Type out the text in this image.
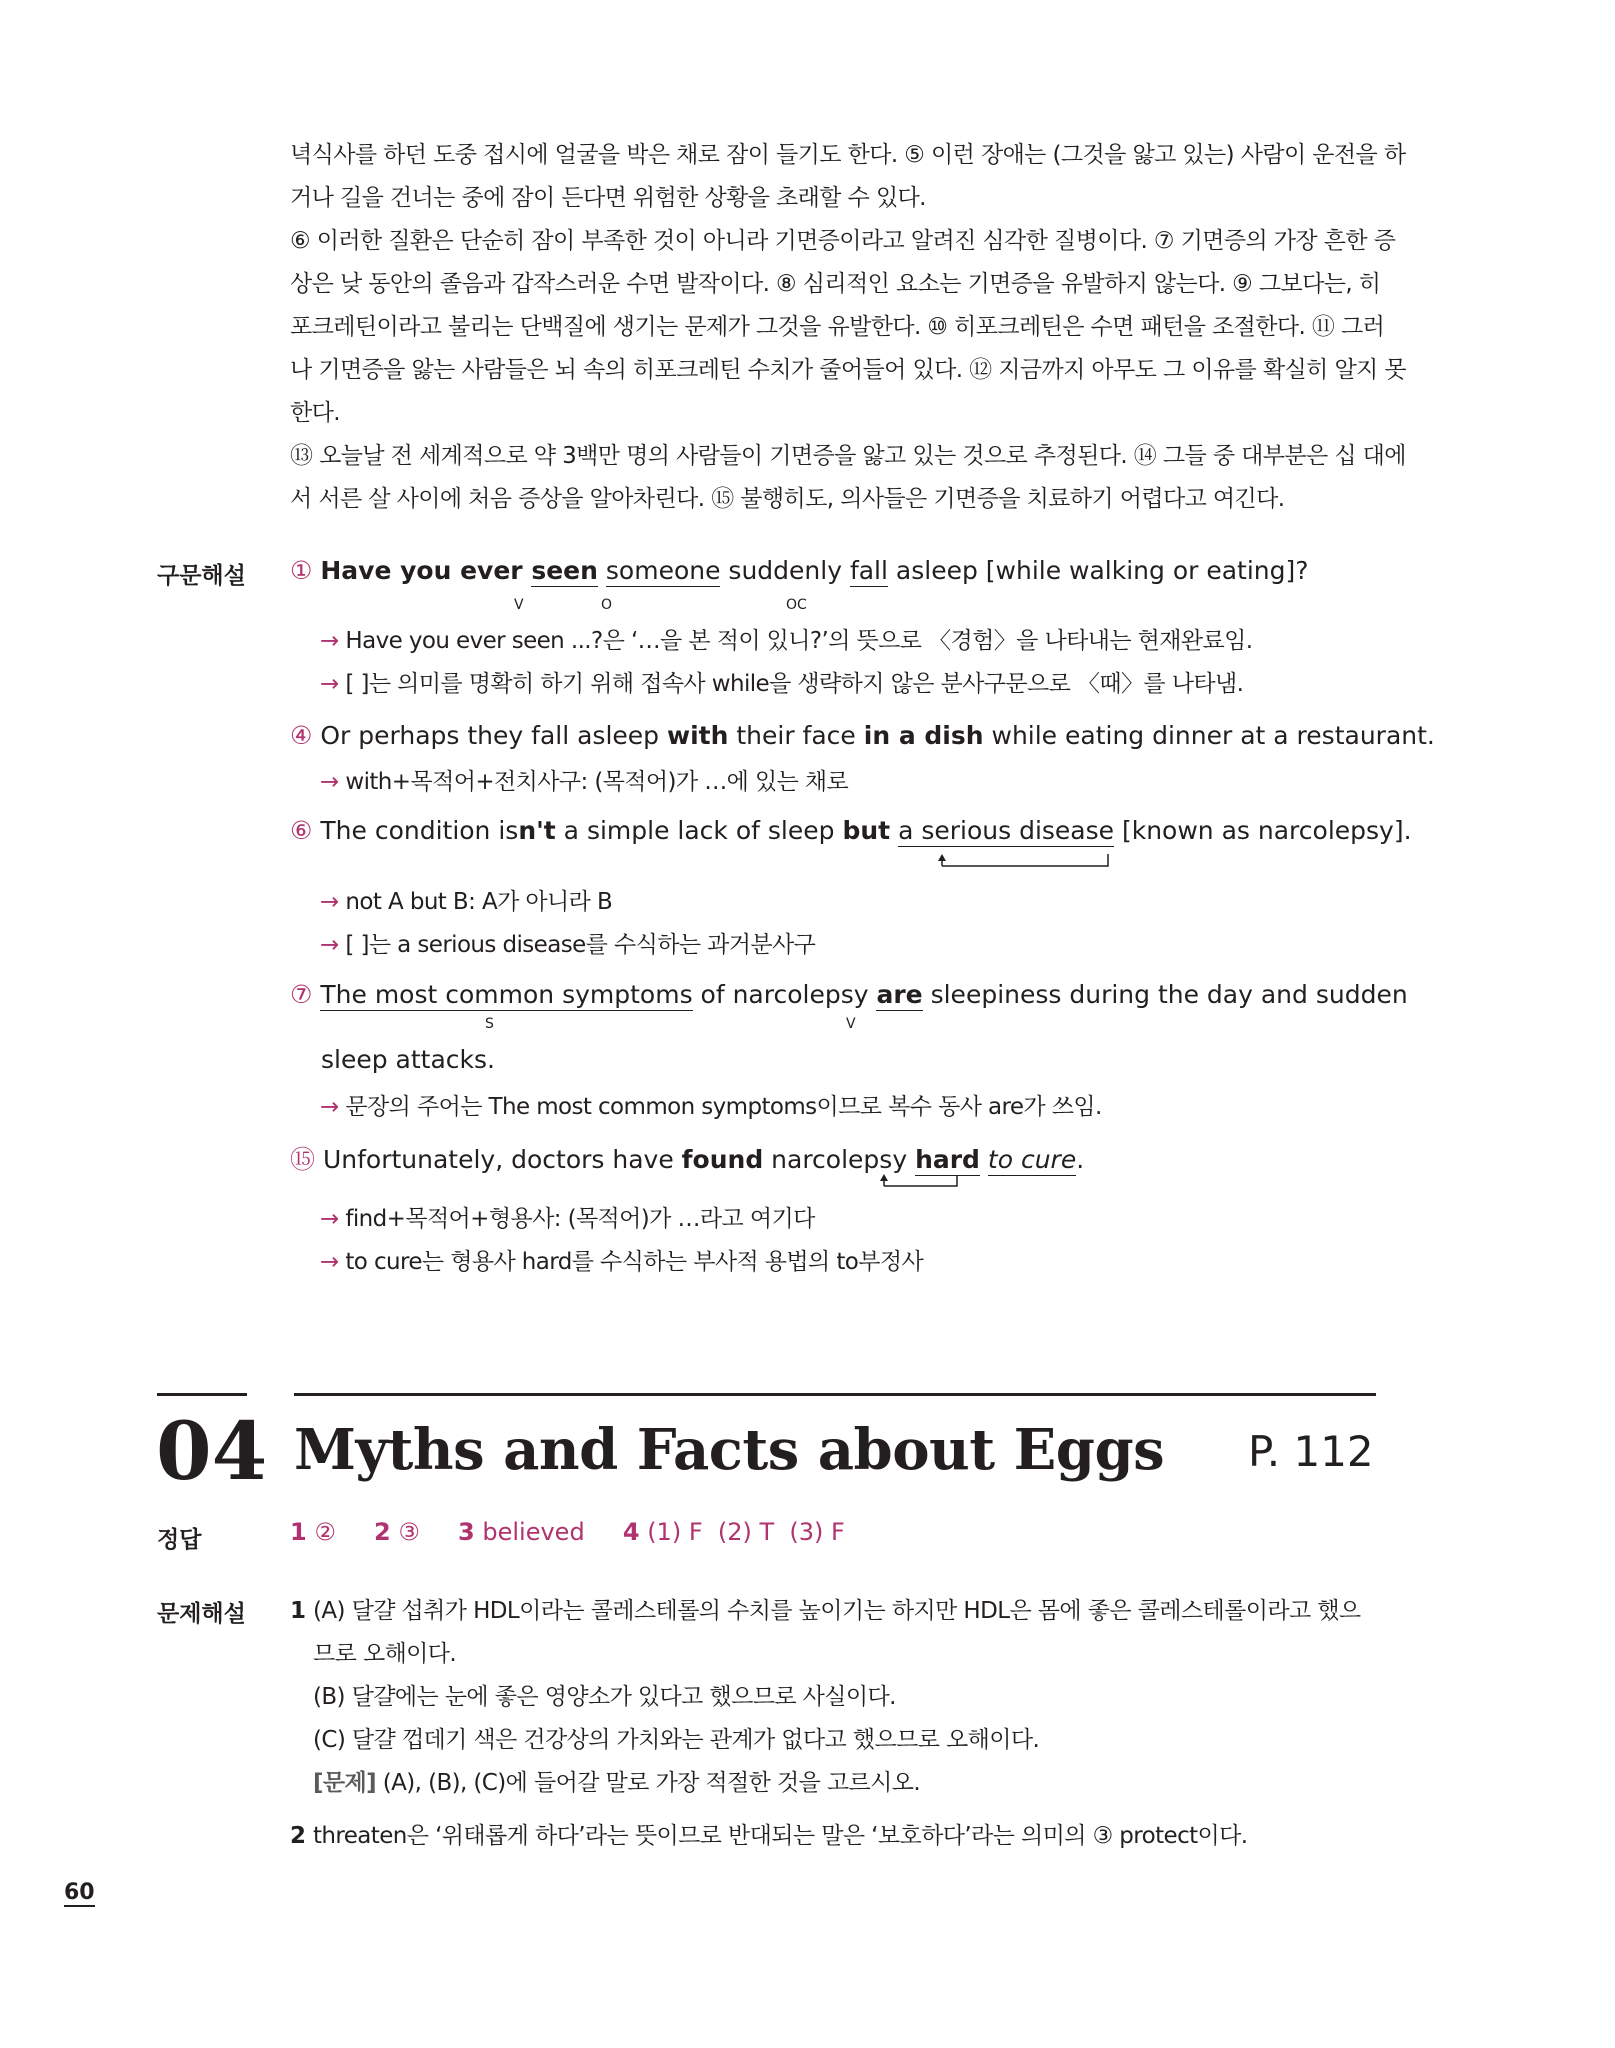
녁식사를 하던 도중 접시에 얼굴을 박은 채로 잠이 들기도 한다. ⑤ 이런 장애는 (그것을 앓고 있는) 사람이 운전을 하
거나 길을 건너는 중에 잠이 든다면 위험한 상황을 초래할 수 있다.
⑥ 이러한 질환은 단순히 잠이 부족한 것이 아니라 기면증이라고 알려진 심각한 질병이다. ⑦ 기면증의 가장 흔한 증
상은 낮 동안의 졸음과 갑작스러운 수면 발작이다. ⑧ 심리적인 요소는 기면증을 유발하지 않는다. ⑨ 그보다는, 히
포크레틴이라고 불리는 단백질에 생기는 문제가 그것을 유발한다. ⑩ 히포크레틴은 수면 패턴을 조절한다. ⑪ 그러
나 기면증을 앓는 사람들은 뇌 속의 히포크레틴 수치가 줄어들어 있다. ⑫ 지금까지 아무도 그 이유를 확실히 알지 못
한다.
⑬ 오늘날 전 세계적으로 약 3백만 명의 사람들이 기면증을 앓고 있는 것으로 추정된다. ⑭ 그들 중 대부분은 십 대에
서 서른 살 사이에 처음 증상을 알아차린다. ⑮ 불행히도, 의사들은 기면증을 치료하기 어렵다고 여긴다.
구문해설 ① Have you ever seen someone suddenly fall asleep [while walking or eating]?
V	O	OC
→ Have you ever seen ...?은 ‘…을 본 적이 있니?’의 뜻으로 〈경험〉을 나타내는 현재완료임.
→ [ ]는 의미를 명확히 하기 위해 접속사 while을 생략하지 않은 분사구문으로 〈때〉를 나타냄.
④ Or perhaps they fall asleep with their face in a dish while eating dinner at a restaurant.
→ with+목적어+전치사구: (목적어)가 …에 있는 채로
⑥ The condition isn't a simple lack of sleep but a serious disease [known as narcolepsy].
→ not A but B: A가 아니라 B
→ [ ]는 a serious disease를 수식하는 과거분사구
⑦ The most common symptoms of narcolepsy are sleepiness during the day and sudden
S	V
sleep attacks.
→ 문장의 주어는 The most common symptoms이므로 복수 동사 are가 쓰임.
⑮ Unfortunately, doctors have found narcolepsy hard to cure.
→ find+목적어+형용사: (목적어)가 …라고 여기다
→ to cure는 형용사 hard를 수식하는 부사적 용법의 to부정사
04 Myths and Facts about Eggs P. 112
정답	1 ② 2 ③ 3 believed 4 (1) F  (2) T  (3) F
문제해설 1 (A) 달걀 섭취가 HDL이라는 콜레스테롤의 수치를 높이기는 하지만 HDL은 몸에 좋은 콜레스테롤이라고 했으
므로 오해이다.
(B) 달걀에는 눈에 좋은 영양소가 있다고 했으므로 사실이다.
(C) 달걀 껍데기 색은 건강상의 가치와는 관계가 없다고 했으므로 오해이다.
[문제] (A), (B), (C)에 들어갈 말로 가장 적절한 것을 고르시오.
2 threaten은 ‘위태롭게 하다’라는 뜻이므로 반대되는 말은 ‘보호하다’라는 의미의 ③ protect이다.
60
